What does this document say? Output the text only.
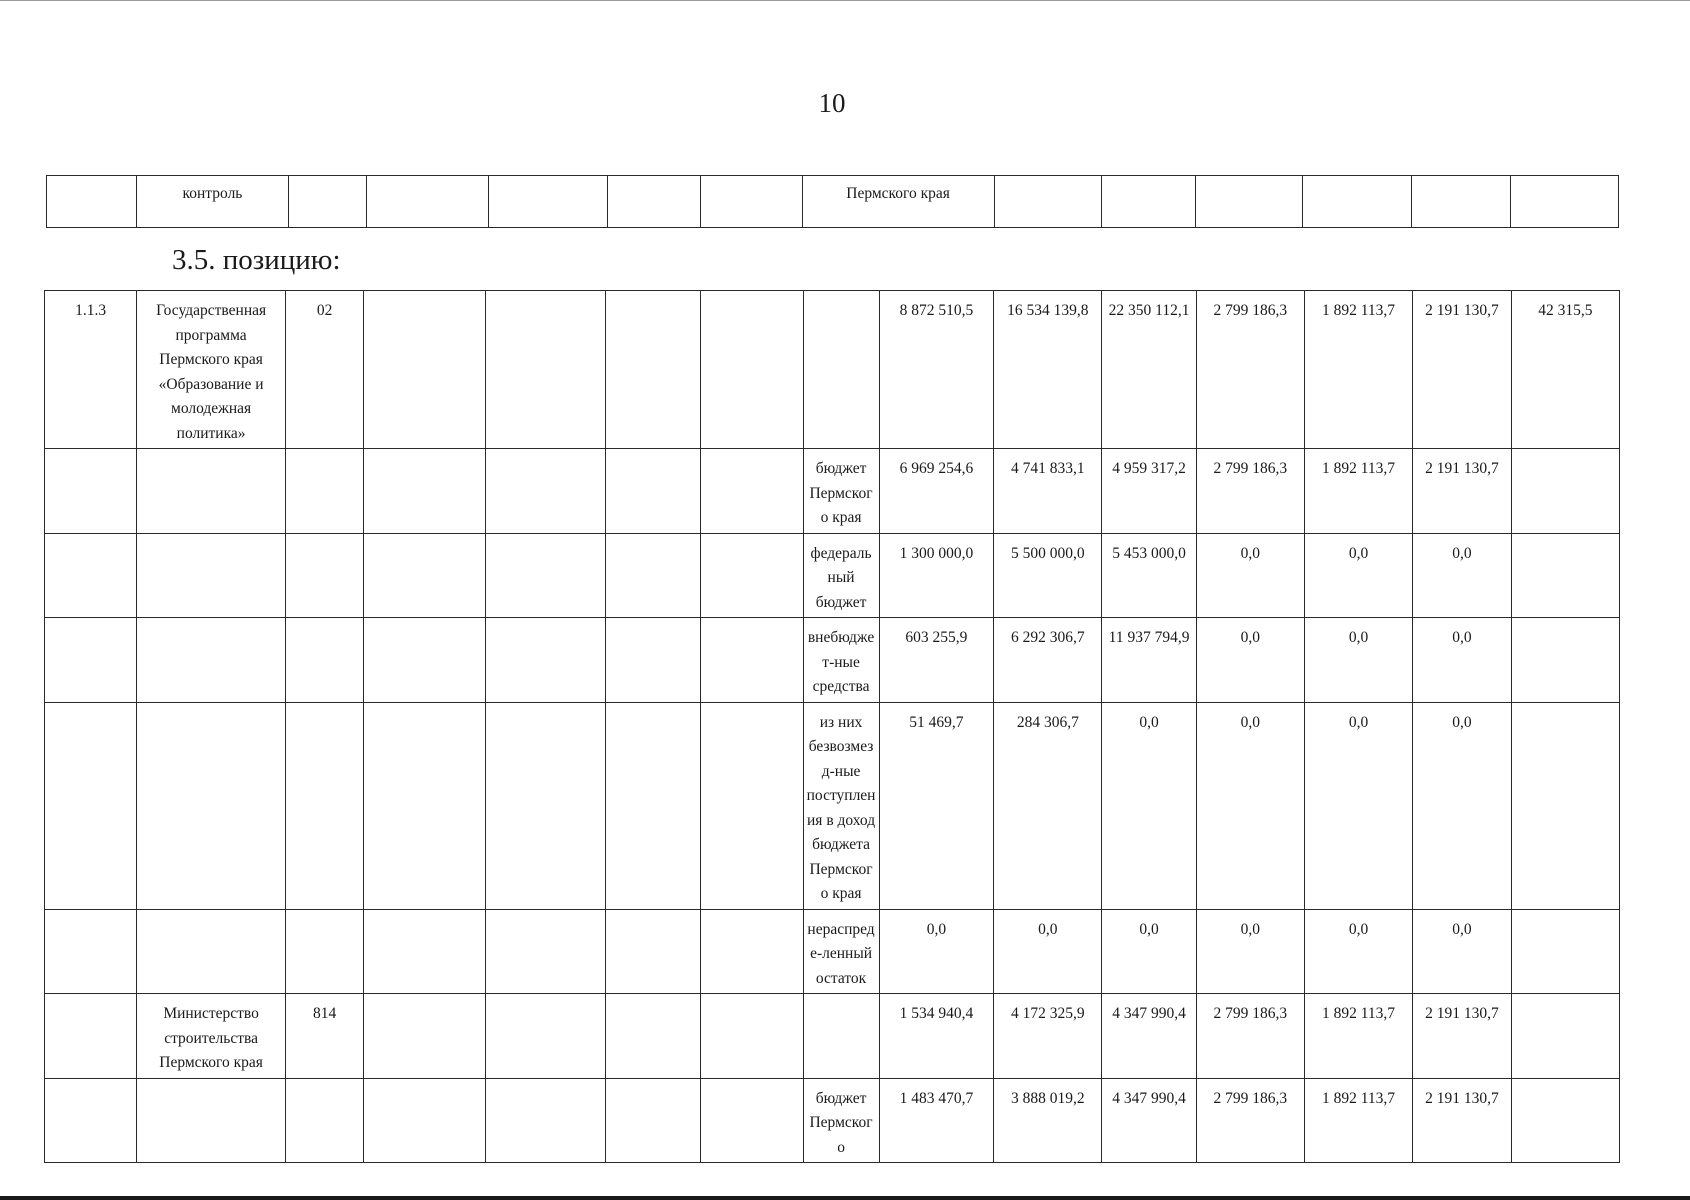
10
	контроль						Пермского края						
3.5. позицию:
1.1.3	Государственная программа Пермского края «Образование и молодежная политика»	02						8 872 510,5	16 534 139,8	22 350 112,1	2 799 186,3	1 892 113,7	2 191 130,7	42 315,5
							бюджет Пермского края	6 969 254,6	4 741 833,1	4 959 317,2	2 799 186,3	1 892 113,7	2 191 130,7	
							федеральный бюджет	1 300 000,0	5 500 000,0	5 453 000,0	0,0	0,0	0,0	
							внебюджет-ные средства	603 255,9	6 292 306,7	11 937 794,9	0,0	0,0	0,0	
							из них безвозмезд-ные поступления в доход бюджета Пермского края	51 469,7	284 306,7	0,0	0,0	0,0	0,0	
							нераспреде-ленный остаток	0,0	0,0	0,0	0,0	0,0	0,0	
	Министерство строительства Пермского края	814						1 534 940,4	4 172 325,9	4 347 990,4	2 799 186,3	1 892 113,7	2 191 130,7	
							бюджет Пермского	1 483 470,7	3 888 019,2	4 347 990,4	2 799 186,3	1 892 113,7	2 191 130,7	
